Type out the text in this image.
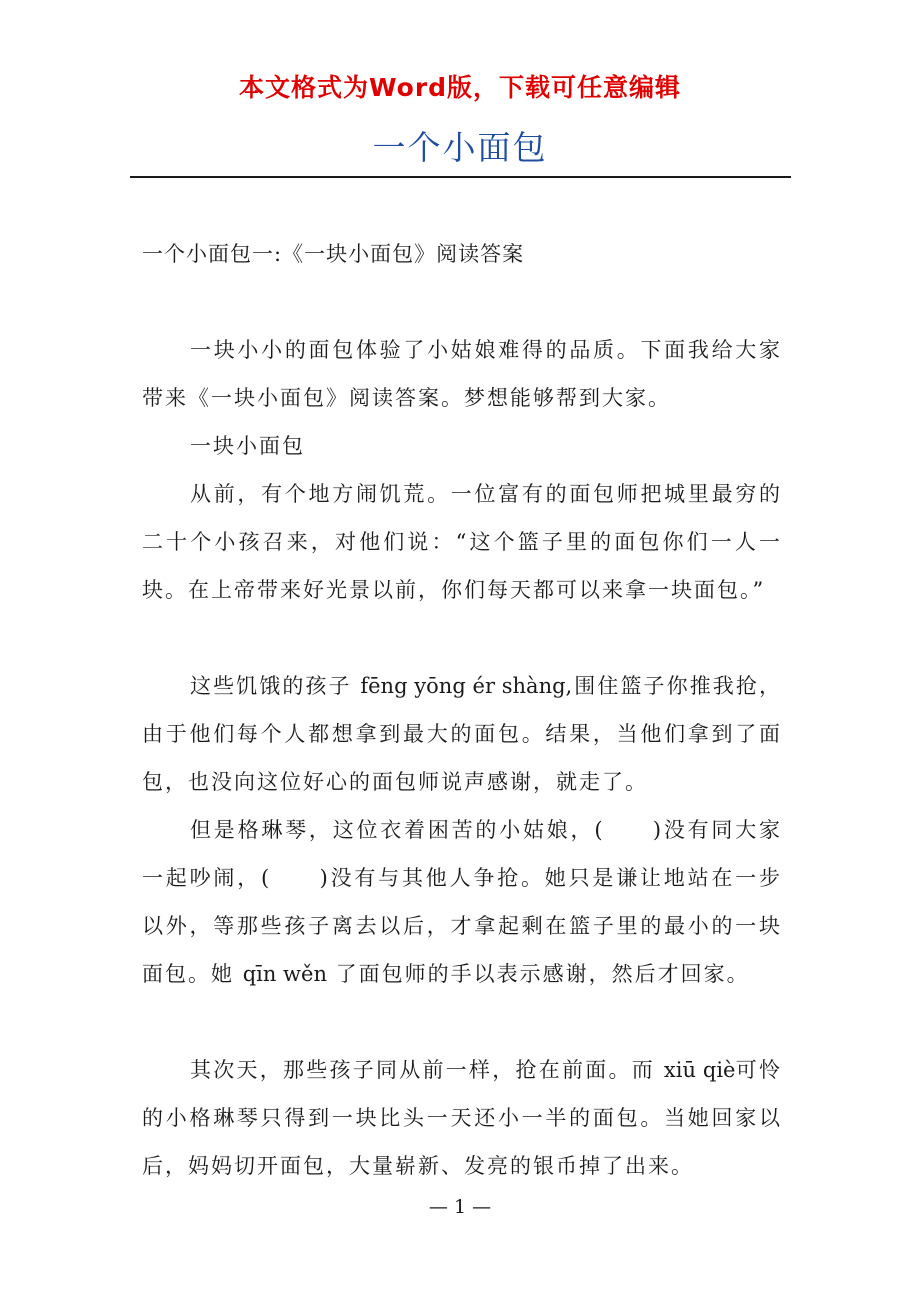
本文格式为Word版，下载可任意编辑
一个小面包
一个小面包一:《一块小面包》阅读答案

一块小小的面包体验了小姑娘难得的品质。下面我给大家带来《一块小面包》阅读答案。梦想能够帮到大家。

一块小面包

从前，有个地方闹饥荒。一位富有的面包师把城里最穷的二十个小孩召来，对他们说：“这个篮子里的面包你们一人一块。在上帝带来好光景以前，你们每天都可以来拿一块面包。”

这些饥饿的孩子 fēng yōng ér shàng,围住篮子你推我抢，由于他们每个人都想拿到最大的面包。结果，当他们拿到了面包，也没向这位好心的面包师说声感谢，就走了。

但是格琳琴，这位衣着困苦的小姑娘，(　　)没有同大家一起吵闹，(　　)没有与其他人争抢。她只是谦让地站在一步以外，等那些孩子离去以后，才拿起剩在篮子里的最小的一块面包。她 qīn wěn 了面包师的手以表示感谢，然后才回家。

其次天，那些孩子同从前一样，抢在前面。而 xiū qiè可怜的小格琳琴只得到一块比头一天还小一半的面包。当她回家以后，妈妈切开面包，大量崭新、发亮的银币掉了出来。

— 1 —
